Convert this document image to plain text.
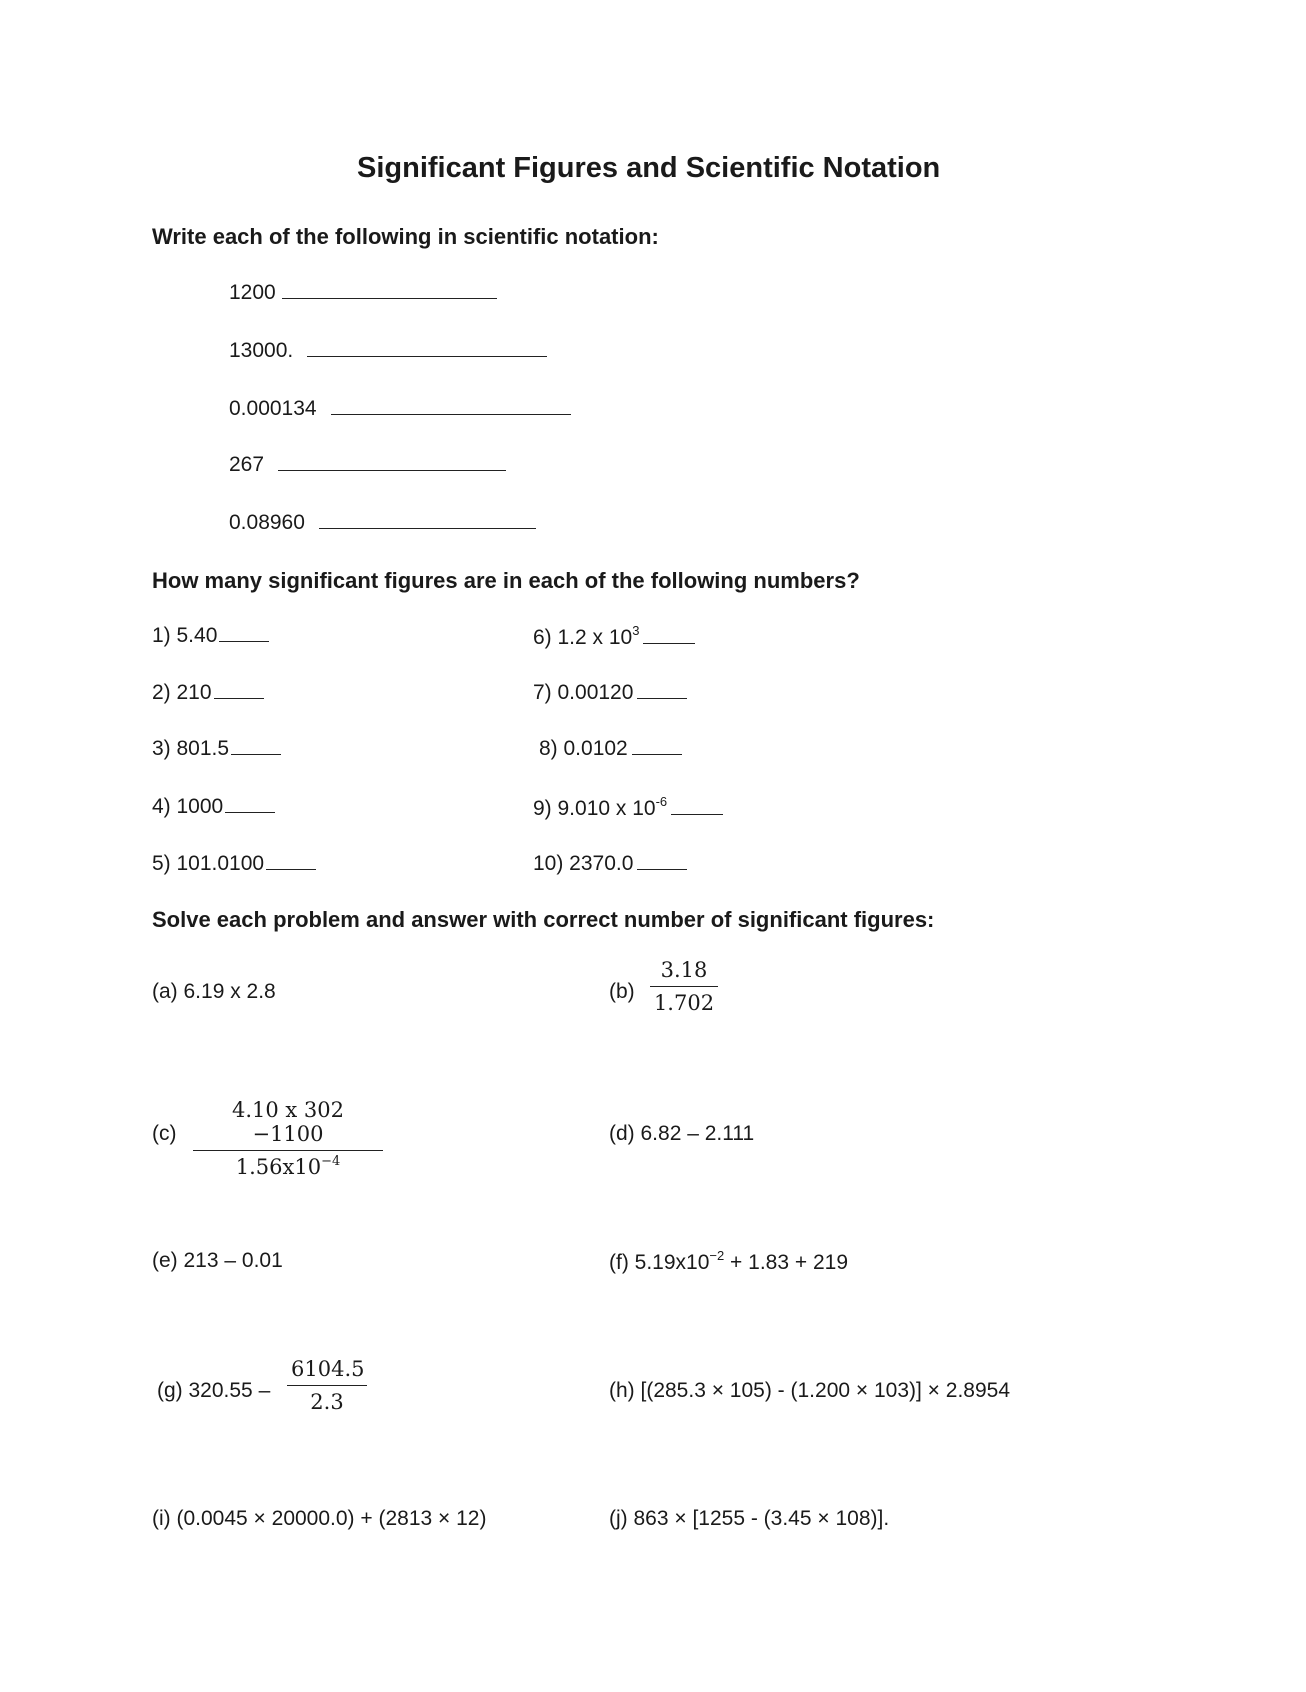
Significant Figures and Scientific Notation
Write each of the following in scientific notation:
1200
13000.
0.000134
267
0.08960
How many significant figures are in each of the following numbers?
1) 5.40
2) 210
3) 801.5
4) 1000
5) 101.0100
6) 1.2 x $10^3$
7) 0.00120
8) 0.0102
9) 9.010 x $10^{-6}$
10) 2370.0
Solve each problem and answer with correct number of significant figures:
(a) 6.19 x 2.8	(b)
3.18
1.702
(c)
4.10 x 302 −1100
$1.56x10^{-4}$
(d) 6.82 – 2.111
(e) 213 – 0.01	(f) $5.19x10^{-2} + 1.83 + 219$
(g) 320.55 –
6104.5
2.3	(h) [(285.3 × 105) - (1.200 × 103)] × 2.8954
(i) (0.0045 × 20000.0) + (2813 × 12)	(j) 863 × [1255 - (3.45 × 108)].
